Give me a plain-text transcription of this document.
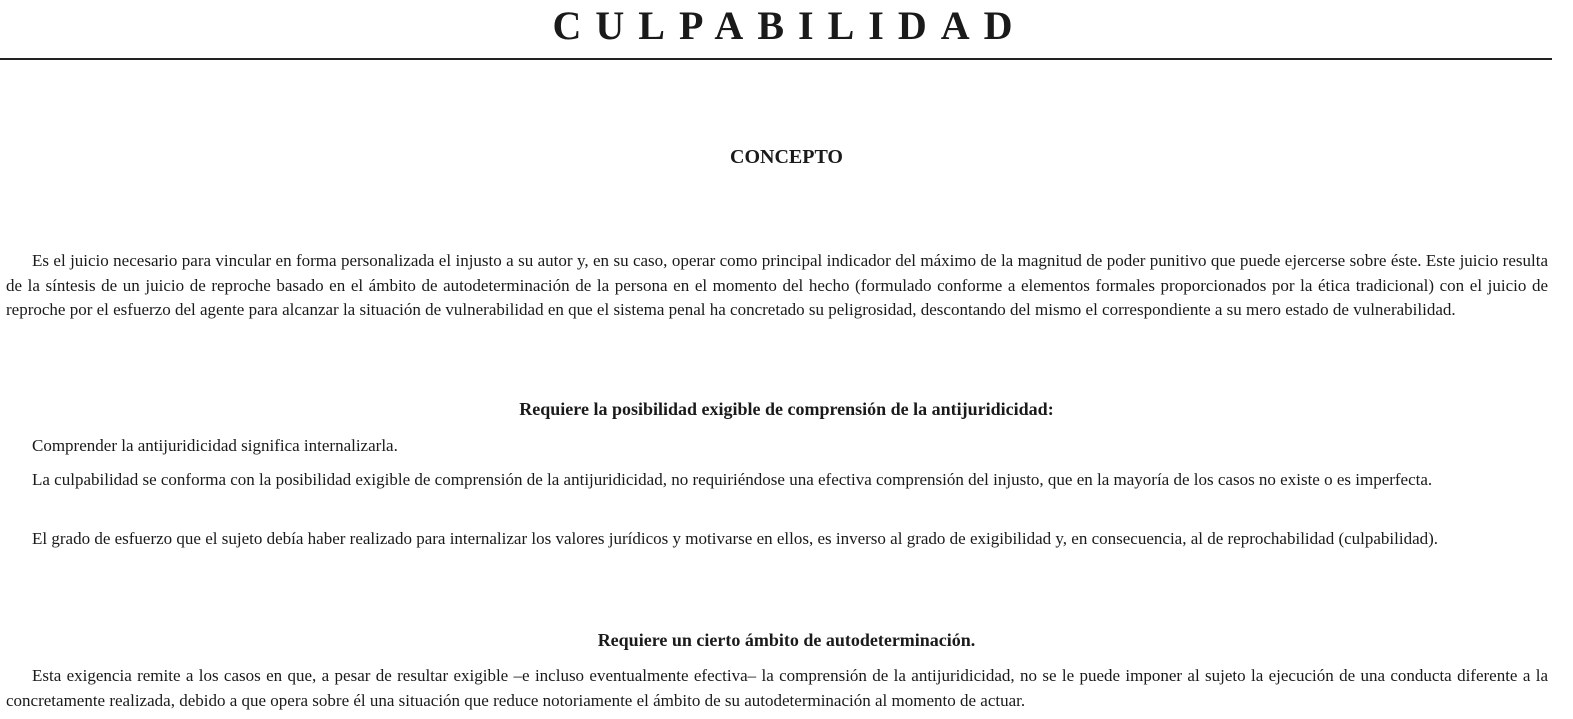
CULPABILIDAD
CONCEPTO

Es el juicio necesario para vincular en forma personalizada el injusto a su autor y, en su caso, operar como principal indicador del máximo de la magnitud de poder punitivo que puede ejercerse sobre éste. Este juicio resulta de la síntesis de un juicio de reproche basado en el ámbito de autodeterminación de la persona en el momento del hecho (formulado conforme a elementos formales proporcionados por la ética tradicional) con el juicio de reproche por el esfuerzo del agente para alcanzar la situación de vulnerabilidad en que el sistema penal ha concretado su peligrosidad, descontando del mismo el correspondiente a su mero estado de vulnerabilidad.

Requiere la posibilidad exigible de comprensión de la antijuridicidad:

Comprender la antijuridicidad significa internalizarla.

La culpabilidad se conforma con la posibilidad exigible de comprensión de la antijuridicidad, no requiriéndose una efectiva comprensión del injusto, que en la mayoría de los casos no existe o es imperfecta.

El grado de esfuerzo que el sujeto debía haber realizado para internalizar los valores jurídicos y motivarse en ellos, es inverso al grado de exigibilidad y, en consecuencia, al de reprochabilidad (culpabilidad).

Requiere un cierto ámbito de autodeterminación.

Esta exigencia remite a los casos en que, a pesar de resultar exigible –e incluso eventualmente efectiva– la comprensión de la antijuridicidad, no se le puede imponer al sujeto la ejecución de una conducta diferente a la concretamente realizada, debido a que opera sobre él una situación que reduce notoriamente el ámbito de su autodeterminación al momento de actuar.
